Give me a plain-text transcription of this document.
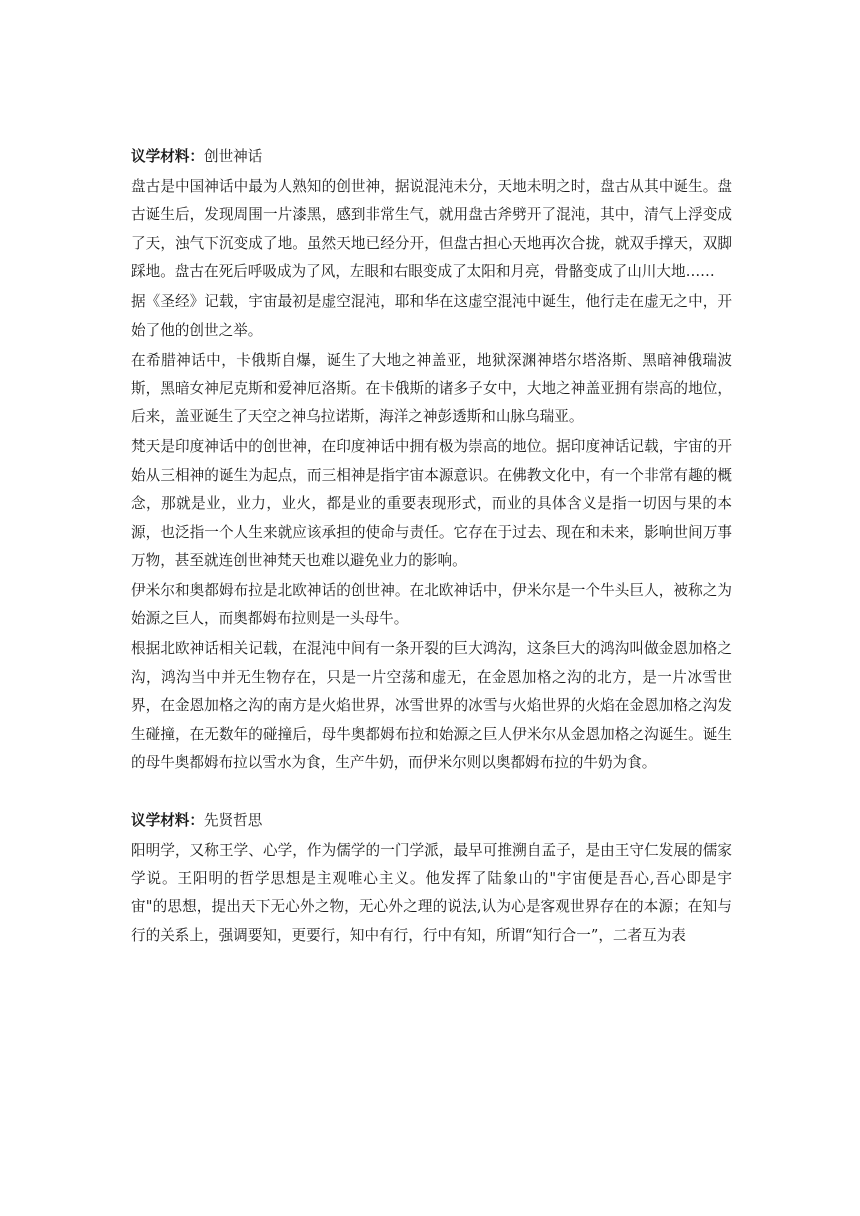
议学材料：创世神话

盘古是中国神话中最为人熟知的创世神，据说混沌未分，天地未明之时，盘古从其中诞生。盘古诞生后，发现周围一片漆黑，感到非常生气，就用盘古斧劈开了混沌，其中，清气上浮变成了天，浊气下沉变成了地。虽然天地已经分开，但盘古担心天地再次合拢，就双手撑天，双脚踩地。盘古在死后呼吸成为了风，左眼和右眼变成了太阳和月亮，骨骼变成了山川大地……

据《圣经》记载，宇宙最初是虚空混沌，耶和华在这虚空混沌中诞生，他行走在虚无之中，开始了他的创世之举。

在希腊神话中，卡俄斯自爆，诞生了大地之神盖亚，地狱深渊神塔尔塔洛斯、黑暗神俄瑞波斯，黑暗女神尼克斯和爱神厄洛斯。在卡俄斯的诸多子女中，大地之神盖亚拥有崇高的地位，后来，盖亚诞生了天空之神乌拉诺斯，海洋之神彭透斯和山脉乌瑞亚。

梵天是印度神话中的创世神，在印度神话中拥有极为崇高的地位。据印度神话记载，宇宙的开始从三相神的诞生为起点，而三相神是指宇宙本源意识。在佛教文化中，有一个非常有趣的概念，那就是业，业力，业火，都是业的重要表现形式，而业的具体含义是指一切因与果的本源，也泛指一个人生来就应该承担的使命与责任。它存在于过去、现在和未来，影响世间万事万物，甚至就连创世神梵天也难以避免业力的影响。

伊米尔和奥都姆布拉是北欧神话的创世神。在北欧神话中，伊米尔是一个牛头巨人，被称之为始源之巨人，而奥都姆布拉则是一头母牛。

根据北欧神话相关记载，在混沌中间有一条开裂的巨大鸿沟，这条巨大的鸿沟叫做金恩加格之沟，鸿沟当中并无生物存在，只是一片空荡和虚无，在金恩加格之沟的北方，是一片冰雪世界，在金恩加格之沟的南方是火焰世界，冰雪世界的冰雪与火焰世界的火焰在金恩加格之沟发生碰撞，在无数年的碰撞后，母牛奥都姆布拉和始源之巨人伊米尔从金恩加格之沟诞生。诞生的母牛奥都姆布拉以雪水为食，生产牛奶，而伊米尔则以奥都姆布拉的牛奶为食。

议学材料：先贤哲思

阳明学，又称王学、心学，作为儒学的一门学派，最早可推溯自孟子，是由王守仁发展的儒家学说。王阳明的哲学思想是主观唯心主义。他发挥了陆象山的"宇宙便是吾心,吾心即是宇宙"的思想，提出天下无心外之物，无心外之理的说法,认为心是客观世界存在的本源；在知与行的关系上，强调要知，更要行，知中有行，行中有知，所谓“知行合一”，二者互为表
